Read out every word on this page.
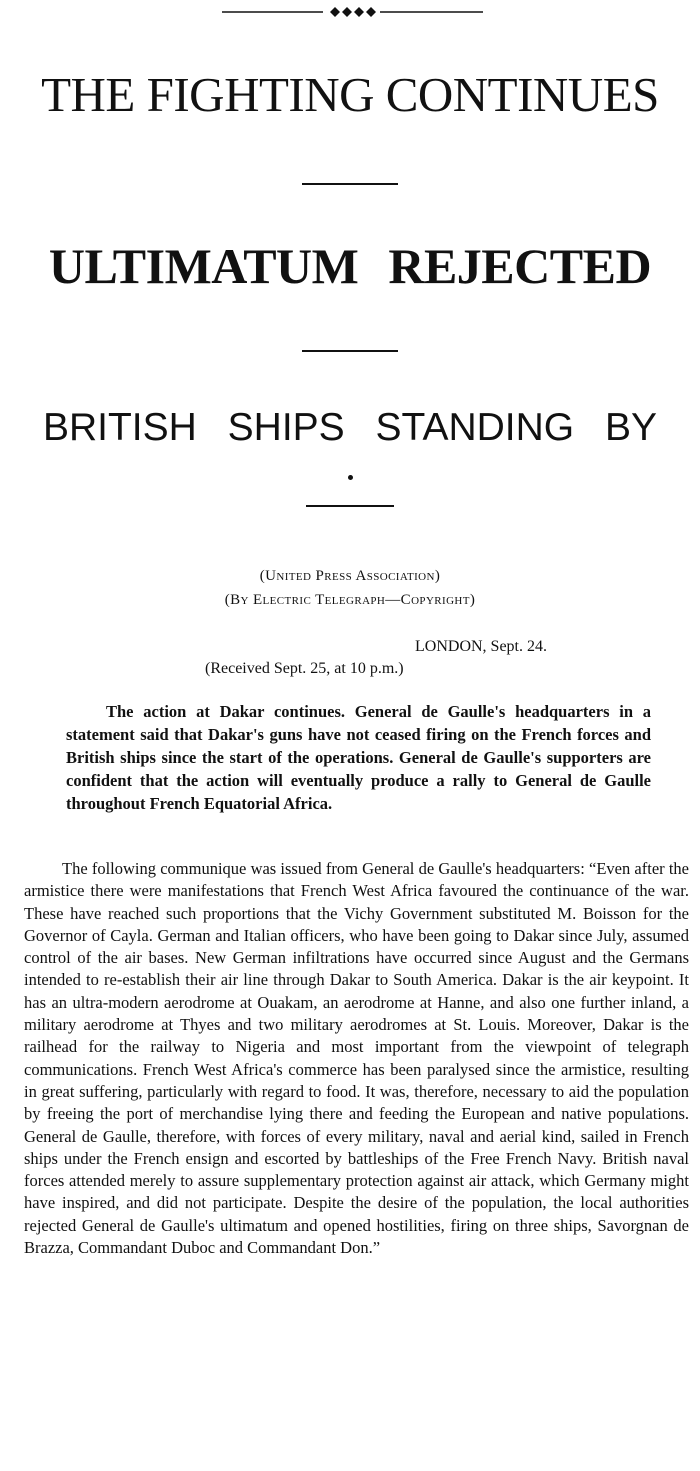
THE FIGHTING CONTINUES
ULTIMATUM REJECTED
BRITISH SHIPS STANDING BY
(United Press Association)
(By Electric Telegraph—Copyright)
LONDON, Sept. 24.
(Received Sept. 25, at 10 p.m.)

The action at Dakar continues. General de Gaulle's headquarters in a statement said that Dakar's guns have not ceased firing on the French forces and British ships since the start of the operations. General de Gaulle's supporters are confident that the action will eventually produce a rally to General de Gaulle throughout French Equatorial Africa.

The following communique was issued from General de Gaulle's headquarters: “Even after the armistice there were manifestations that French West Africa favoured the continuance of the war. These have reached such proportions that the Vichy Government substituted M. Boisson for the Governor of Cayla. German and Italian officers, who have been going to Dakar since July, assumed control of the air bases. New German infiltrations have occurred since August and the Germans intended to re-establish their air line through Dakar to South America. Dakar is the air keypoint. It has an ultra-modern aerodrome at Ouakam, an aerodrome at Hanne, and also one further inland, a military aerodrome at Thyes and two military aerodromes at St. Louis. Moreover, Dakar is the railhead for the railway to Nigeria and most important from the viewpoint of telegraph communications. French West Africa's commerce has been paralysed since the armistice, resulting in great suffering, particularly with regard to food. It was, therefore, necessary to aid the population by freeing the port of merchandise lying there and feeding the European and native populations. General de Gaulle, therefore, with forces of every military, naval and aerial kind, sailed in French ships under the French ensign and escorted by battleships of the Free French Navy. British naval forces attended merely to assure supplementary protection against air attack, which Germany might have inspired, and did not participate. Despite the desire of the population, the local authorities rejected General de Gaulle's ultimatum and opened hostilities, firing on three ships, Savorgnan de Brazza, Commandant Duboc and Commandant Don.”
